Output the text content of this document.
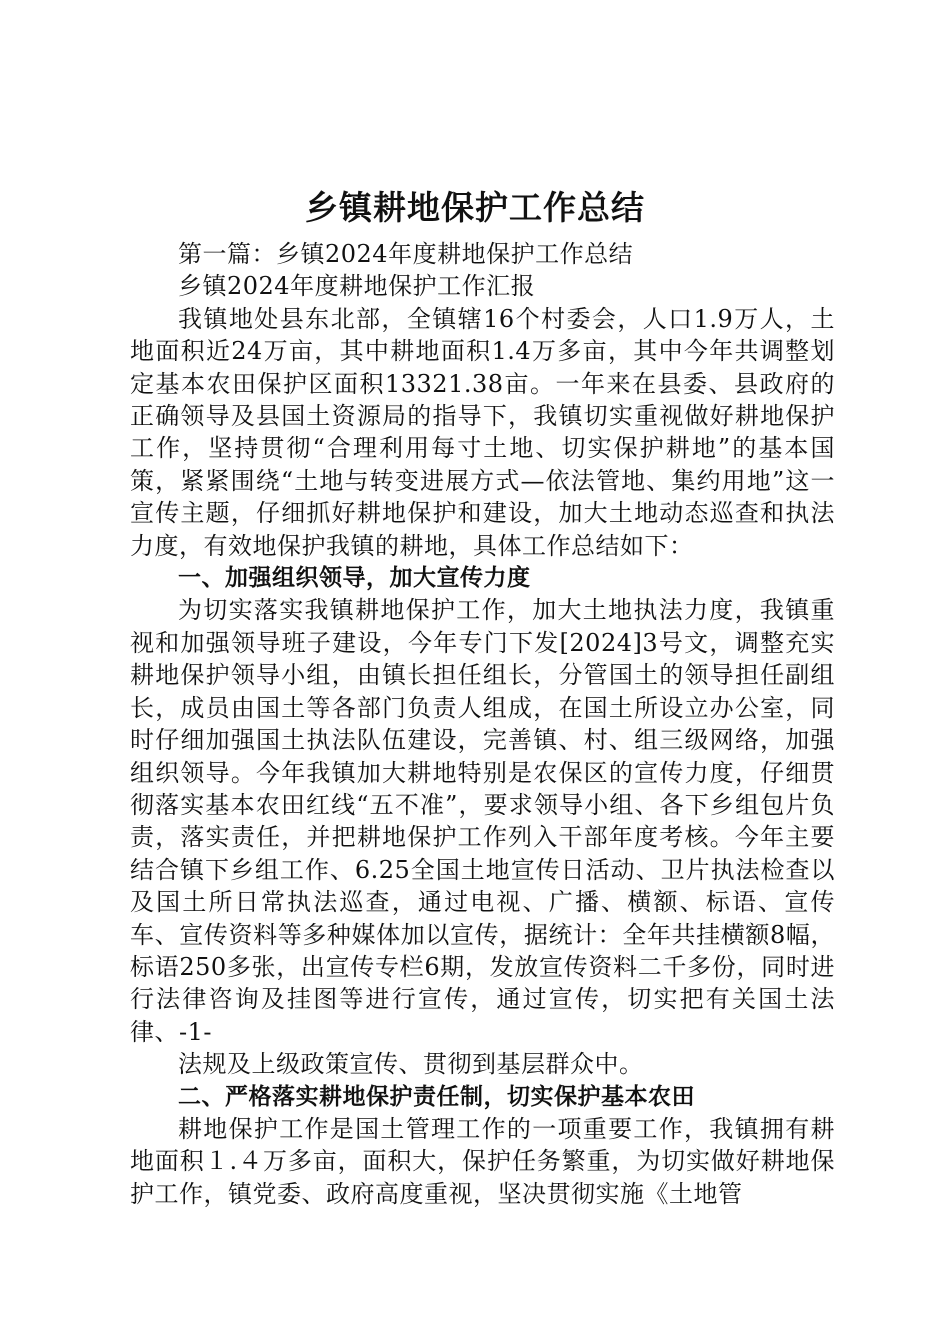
乡镇耕地保护工作总结

第一篇：乡镇2024年度耕地保护工作总结

乡镇2024年度耕地保护工作汇报

我镇地处县东北部，全镇辖16个村委会，人口1.9万人，土地面积近24万亩，其中耕地面积1.4万多亩，其中今年共调整划定基本农田保护区面积13321.38亩。一年来在县委、县政府的正确领导及县国土资源局的指导下，我镇切实重视做好耕地保护工作，坚持贯彻“合理利用每寸土地、切实保护耕地”的基本国策，紧紧围绕“土地与转变进展方式—依法管地、集约用地”这一宣传主题，仔细抓好耕地保护和建设，加大土地动态巡查和执法力度，有效地保护我镇的耕地，具体工作总结如下：

一、加强组织领导，加大宣传力度

为切实落实我镇耕地保护工作，加大土地执法力度，我镇重视和加强领导班子建设，今年专门下发[2024]3号文，调整充实耕地保护领导小组，由镇长担任组长，分管国土的领导担任副组长，成员由国土等各部门负责人组成，在国土所设立办公室，同时仔细加强国土执法队伍建设，完善镇、村、组三级网络，加强组织领导。今年我镇加大耕地特别是农保区的宣传力度，仔细贯彻落实基本农田红线“五不准”，要求领导小组、各下乡组包片负责，落实责任，并把耕地保护工作列入干部年度考核。今年主要结合镇下乡组工作、6.25全国土地宣传日活动、卫片执法检查以及国土所日常执法巡查，通过电视、广播、横额、标语、宣传车、宣传资料等多种媒体加以宣传，据统计：全年共挂横额8幅，标语250多张，出宣传专栏6期，发放宣传资料二千多份，同时进行法律咨询及挂图等进行宣传，通过宣传，切实把有关国土法律、-1-

法规及上级政策宣传、贯彻到基层群众中。

二、严格落实耕地保护责任制，切实保护基本农田

耕地保护工作是国土管理工作的一项重要工作，我镇拥有耕地面积１.４万多亩，面积大，保护任务繁重，为切实做好耕地保护工作，镇党委、政府高度重视，坚决贯彻实施《土地管
